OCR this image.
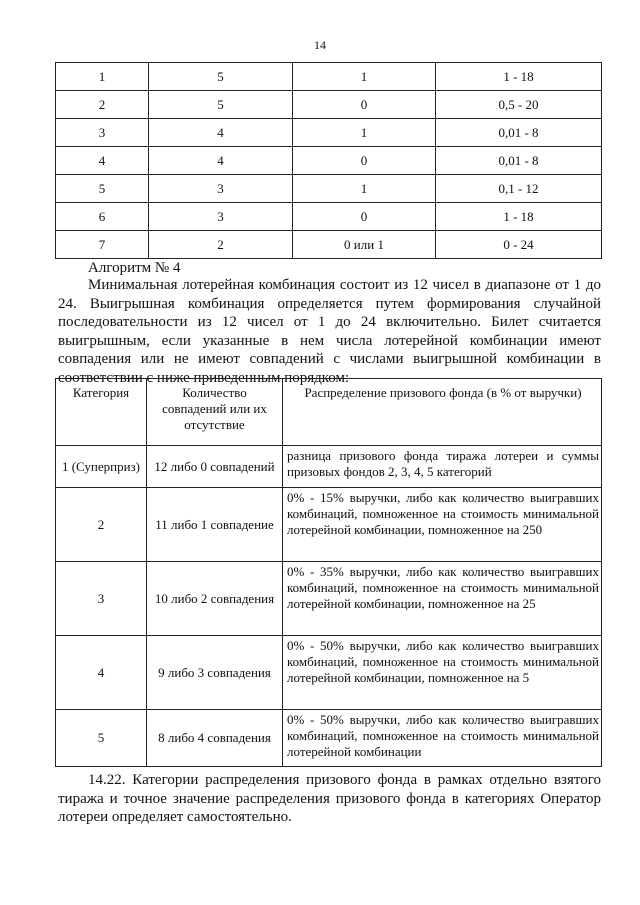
14
1	5	1	1 - 18
2	5	0	0,5 - 20
3	4	1	0,01 - 8
4	4	0	0,01 - 8
5	3	1	0,1 - 12
6	3	0	1 - 18
7	2	0 или 1	0 - 24
Алгоритм № 4
Минимальная лотерейная комбинация состоит из 12 чисел в диапазоне от 1 до 24. Выигрышная комбинация определяется путем формирования случайной последовательности из 12 чисел от 1 до 24 включительно. Билет считается выигрышным, если указанные в нем числа лотерейной комбинации имеют совпадения или не имеют совпадений с числами выигрышной комбинации в соответствии с ниже приведенным порядком:
Категория	Количество совпадений или их отсутствие	Распределение призового фонда (в % от выручки)
1 (Суперприз)	12 либо 0 совпадений	разница призового фонда тиража лотереи и суммы призовых фондов 2, 3, 4, 5 категорий
2	11 либо 1 совпадение	0% - 15% выручки, либо как количество выигравших комбинаций, помноженное на стоимость минимальной лотерейной комбинации, помноженное на 250
3	10 либо 2 совпадения	0% - 35% выручки, либо как количество выигравших комбинаций, помноженное на стоимость минимальной лотерейной комбинации, помноженное на 25
4	9 либо 3 совпадения	0% - 50% выручки, либо как количество выигравших комбинаций, помноженное на стоимость минимальной лотерейной комбинации, помноженное на 5
5	8 либо 4 совпадения	0% - 50% выручки, либо как количество выигравших комбинаций, помноженное на стоимость минимальной лотерейной комбинации
14.22. Категории распределения призового фонда в рамках отдельно взятого тиража и точное значение распределения призового фонда в категориях Оператор лотереи определяет самостоятельно.
